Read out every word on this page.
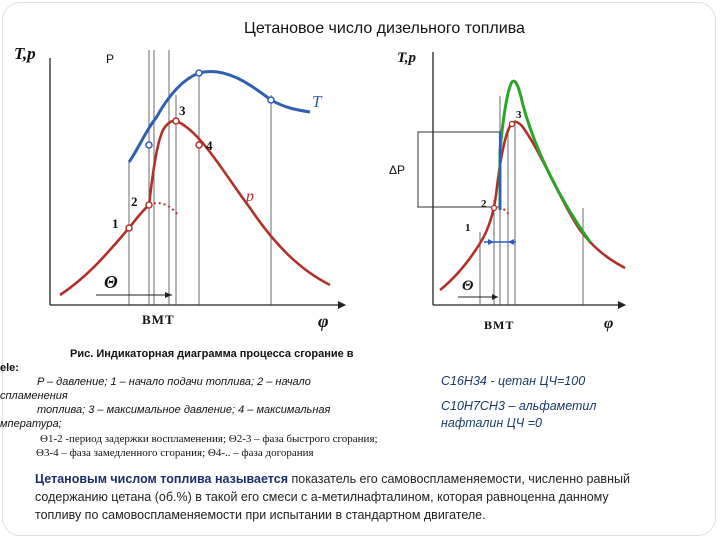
Цетановое число дизельного топлива
T,p	P
T
p
1
2
3
4
Θ
ВМТ	φ
T,p
ΔP
1
2
3
Θ
ВМТ	φ
Рис. Индикаторная диаграмма процесса сгорание в
ele:
P – давление; 1 – начало подачи топлива; 2 – начало
спламенения
топлива; 3 – максимальное давление; 4 – максимальная
мпература;
Θ1-2 -период задержки воспламенения; Θ2-3 – фаза быстрого сгорания;
Θ3-4 – фаза замедленного сгорания; Θ4-.. – фаза догорания
C16H34 - цетан ЦЧ=100
C10H7CH3 – альфаметил
нафталин ЦЧ =0
Цетановым числом топлива называется показатель его самовоспламеняемости, численно равный
содержанию цетана (об.%) в такой его смеси с a-метилнафталином, которая равноценна данному
топливу по самовоспламеняемости при испытании в стандартном двигателе.
